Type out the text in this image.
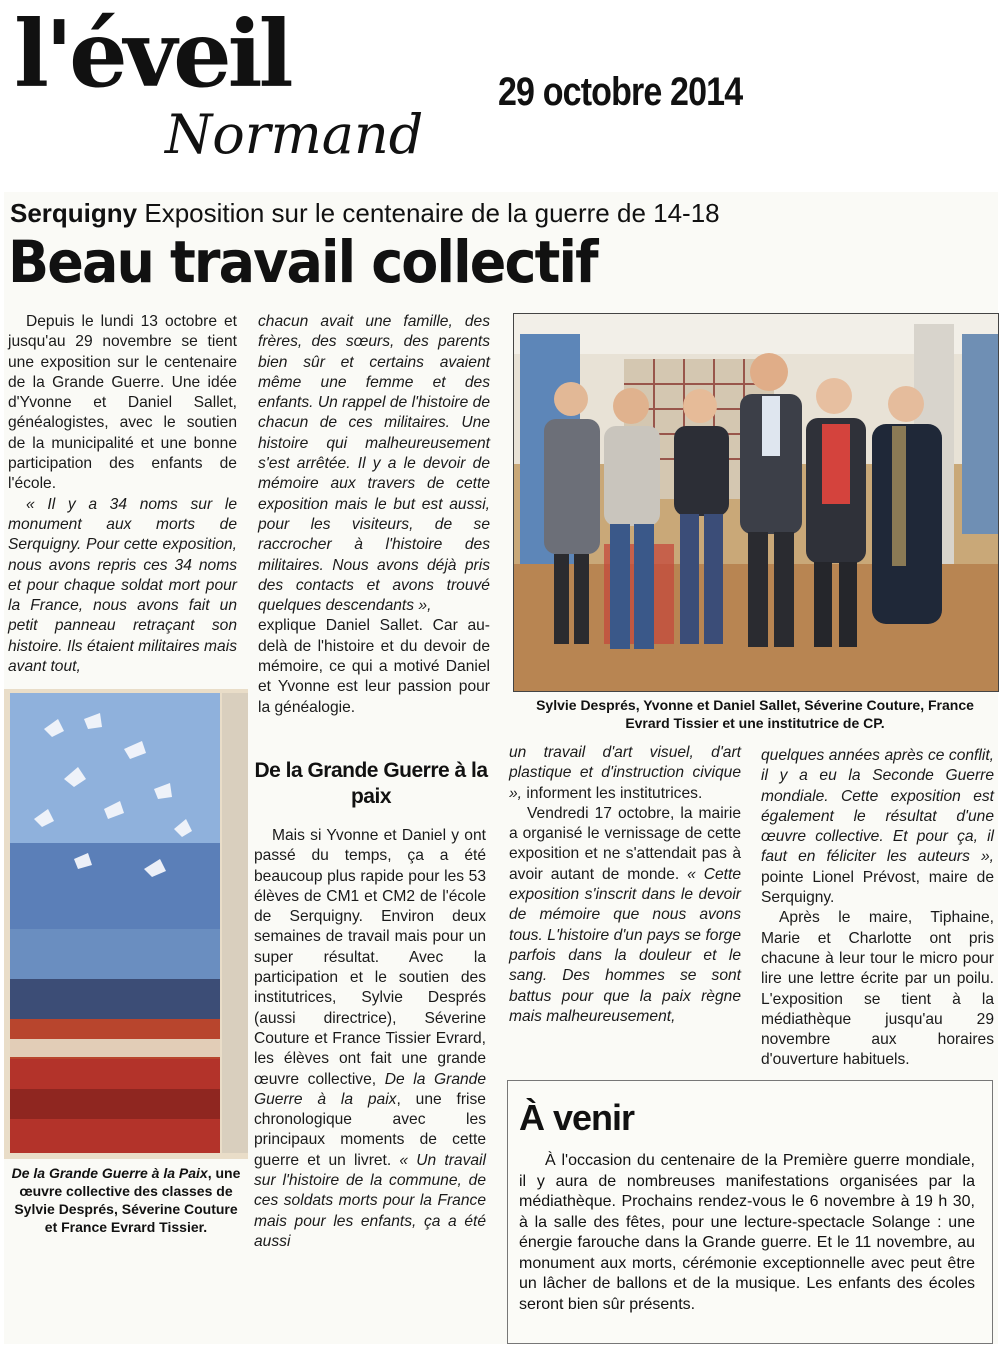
l'éveil
Normand
29 octobre 2014
Serquigny Exposition sur le centenaire de la guerre de 14-18
Beau travail collectif

Depuis le lundi 13 octobre et jusqu'au 29 novembre se tient une exposition sur le centenaire de la Grande Guerre. Une idée d'Yvonne et Daniel Sallet, généalogistes, avec le soutien de la municipalité et une bonne participation des enfants de l'école.

« Il y a 34 noms sur le monument aux morts de Serquigny. Pour cette exposition, nous avons repris ces 34 noms et pour chaque soldat mort pour la France, nous avons fait un petit panneau retraçant son histoire. Ils étaient militaires mais avant tout,

De la Grande Guerre à la Paix, une œuvre collective des classes de Sylvie Després, Séverine Couture et France Evrard Tissier.

chacun avait une famille, des frères, des sœurs, des parents bien sûr et certains avaient même une femme et des enfants. Un rappel de l'histoire de chacun de ces militaires. Une histoire qui malheureusement s'est arrêtée. Il y a le devoir de mémoire aux travers de cette exposition mais le but est aussi, pour les visiteurs, de se raccrocher à l'histoire des militaires. Nous avons déjà pris des contacts et avons trouvé quelques descendants »,

explique Daniel Sallet. Car au-delà de l'histoire et du devoir de mémoire, ce qui a motivé Daniel et Yvonne est leur passion pour la généalogie.

De la Grande Guerre à la paix

Mais si Yvonne et Daniel y ont passé du temps, ça a été beaucoup plus rapide pour les 53 élèves de CM1 et CM2 de l'école de Serquigny. Environ deux semaines de travail mais pour un super résultat. Avec la participation et le soutien des institutrices, Sylvie Després (aussi directrice), Séverine Couture et France Tissier Evrard, les élèves ont fait une grande œuvre collective, De la Grande Guerre à la paix, une frise chronologique avec les principaux moments de cette guerre et un livret. « Un travail sur l'histoire de la commune, de ces soldats morts pour la France mais pour les enfants, ça a été aussi

Sylvie Després, Yvonne et Daniel Sallet, Séverine Couture, France Evrard Tissier et une institutrice de CP.

un travail d'art visuel, d'art plastique et d'instruction civique », informent les institutrices.

Vendredi 17 octobre, la mairie a organisé le vernissage de cette exposition et ne s'attendait pas à avoir autant de monde. « Cette exposition s'inscrit dans le devoir de mémoire que nous avons tous. L'histoire d'un pays se forge parfois dans la douleur et le sang. Des hommes se sont battus pour que la paix règne mais malheureusement,

quelques années après ce conflit, il y a eu la Seconde Guerre mondiale. Cette exposition est également le résultat d'une œuvre collective. Et pour ça, il faut en féliciter les auteurs », pointe Lionel Prévost, maire de Serquigny.

Après le maire, Tiphaine, Marie et Charlotte ont pris chacune à leur tour le micro pour lire une lettre écrite par un poilu. L'exposition se tient à la médiathèque jusqu'au 29 novembre aux horaires d'ouverture habituels.

À venir

À l'occasion du centenaire de la Première guerre mondiale, il y aura de nombreuses manifestations organisées par la médiathèque. Prochains rendez-vous le 6 novembre à 19 h 30, à la salle des fêtes, pour une lecture-spectacle Solange : une énergie farouche dans la Grande guerre. Et le 11 novembre, au monument aux morts, cérémonie exceptionnelle avec peut être un lâcher de ballons et de la musique. Les enfants des écoles seront bien sûr présents.
